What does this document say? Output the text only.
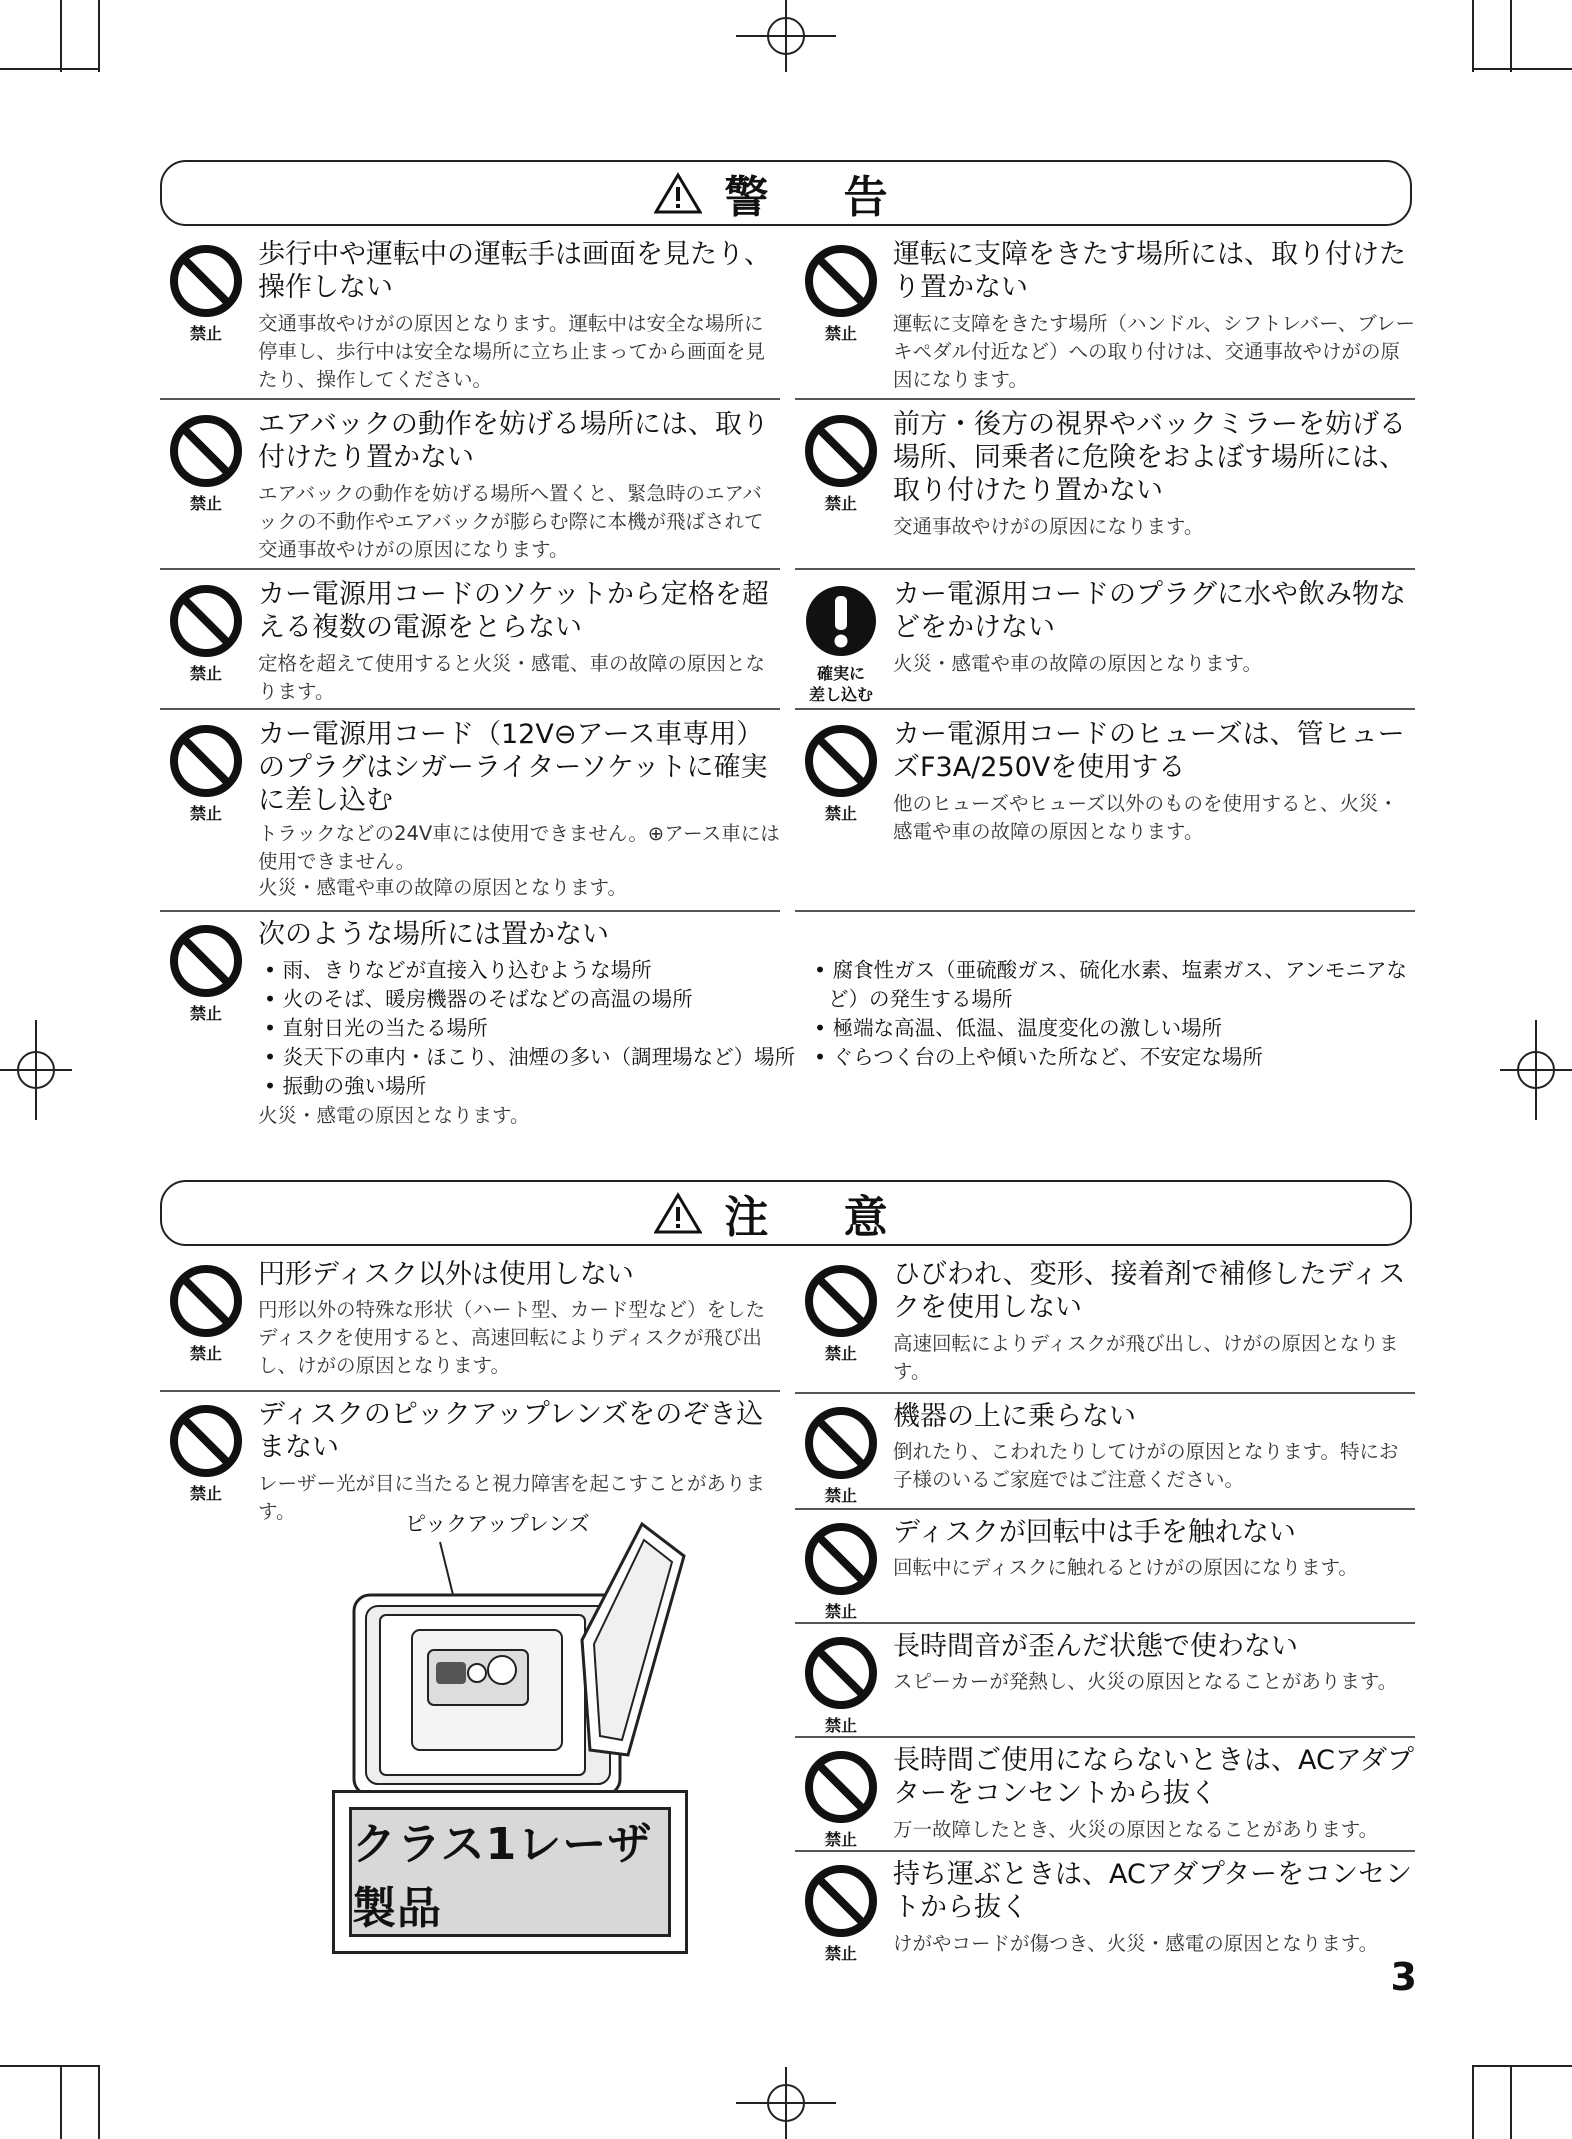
警 告
禁止
歩行中や運転中の運転手は画面を見たり、操作しない
交通事故やけがの原因となります。運転中は安全な場所に停車し、歩行中は安全な場所に立ち止まってから画面を見たり、操作してください。
禁止
運転に支障をきたす場所には、取り付けたり置かない
運転に支障をきたす場所（ハンドル、シフトレバー、ブレーキペダル付近など）への取り付けは、交通事故やけがの原因になります。
禁止
エアバックの動作を妨げる場所には、取り付けたり置かない
エアバックの動作を妨げる場所へ置くと、緊急時のエアバックの不動作やエアバックが膨らむ際に本機が飛ばされて交通事故やけがの原因になります。
禁止
前方・後方の視界やバックミラーを妨げる場所、同乗者に危険をおよぼす場所には、取り付けたり置かない
交通事故やけがの原因になります。
禁止
カー電源用コードのソケットから定格を超える複数の電源をとらない
定格を超えて使用すると火災・感電、車の故障の原因となります。
確実に
差し込む
カー電源用コードのプラグに水や飲み物などをかけない
火災・感電や車の故障の原因となります。
禁止
カー電源用コード（12V⊖アース車専用）のプラグはシガーライターソケットに確実に差し込む
トラックなどの24V車には使用できません。⊕アース車には使用できません。
火災・感電や車の故障の原因となります。
禁止
カー電源用コードのヒューズは、管ヒューズF3A/250Vを使用する
他のヒューズやヒューズ以外のものを使用すると、火災・感電や車の故障の原因となります。
禁止
次のような場所には置かない
• 雨、きりなどが直接入り込むような場所
• 火のそば、暖房機器のそばなどの高温の場所
• 直射日光の当たる場所
• 炎天下の車内・ほこり、油煙の多い（調理場など）場所
• 振動の強い場所
火災・感電の原因となります。
• 腐食性ガス（亜硫酸ガス、硫化水素、塩素ガス、アンモニアなど）の発生する場所
• 極端な高温、低温、温度変化の激しい場所
• ぐらつく台の上や傾いた所など、不安定な場所
注 意
禁止
円形ディスク以外は使用しない
円形以外の特殊な形状（ハート型、カード型など）をしたディスクを使用すると、高速回転によりディスクが飛び出し、けがの原因となります。
禁止
ディスクのピックアップレンズをのぞき込まない
レーザー光が目に当たると視力障害を起こすことがあります。
ピックアップレンズ
クラス1レーザ製品
禁止
ひびわれ、変形、接着剤で補修したディスクを使用しない
高速回転によりディスクが飛び出し、けがの原因となります。
禁止
機器の上に乗らない
倒れたり、こわれたりしてけがの原因となります。特にお子様のいるご家庭ではご注意ください。
禁止
ディスクが回転中は手を触れない
回転中にディスクに触れるとけがの原因になります。
禁止
長時間音が歪んだ状態で使わない
スピーカーが発熱し、火災の原因となることがあります。
禁止
長時間ご使用にならないときは、ACアダプターをコンセントから抜く
万一故障したとき、火災の原因となることがあります。
禁止
持ち運ぶときは、ACアダプターをコンセントから抜く
けがやコードが傷つき、火災・感電の原因となります。
3
